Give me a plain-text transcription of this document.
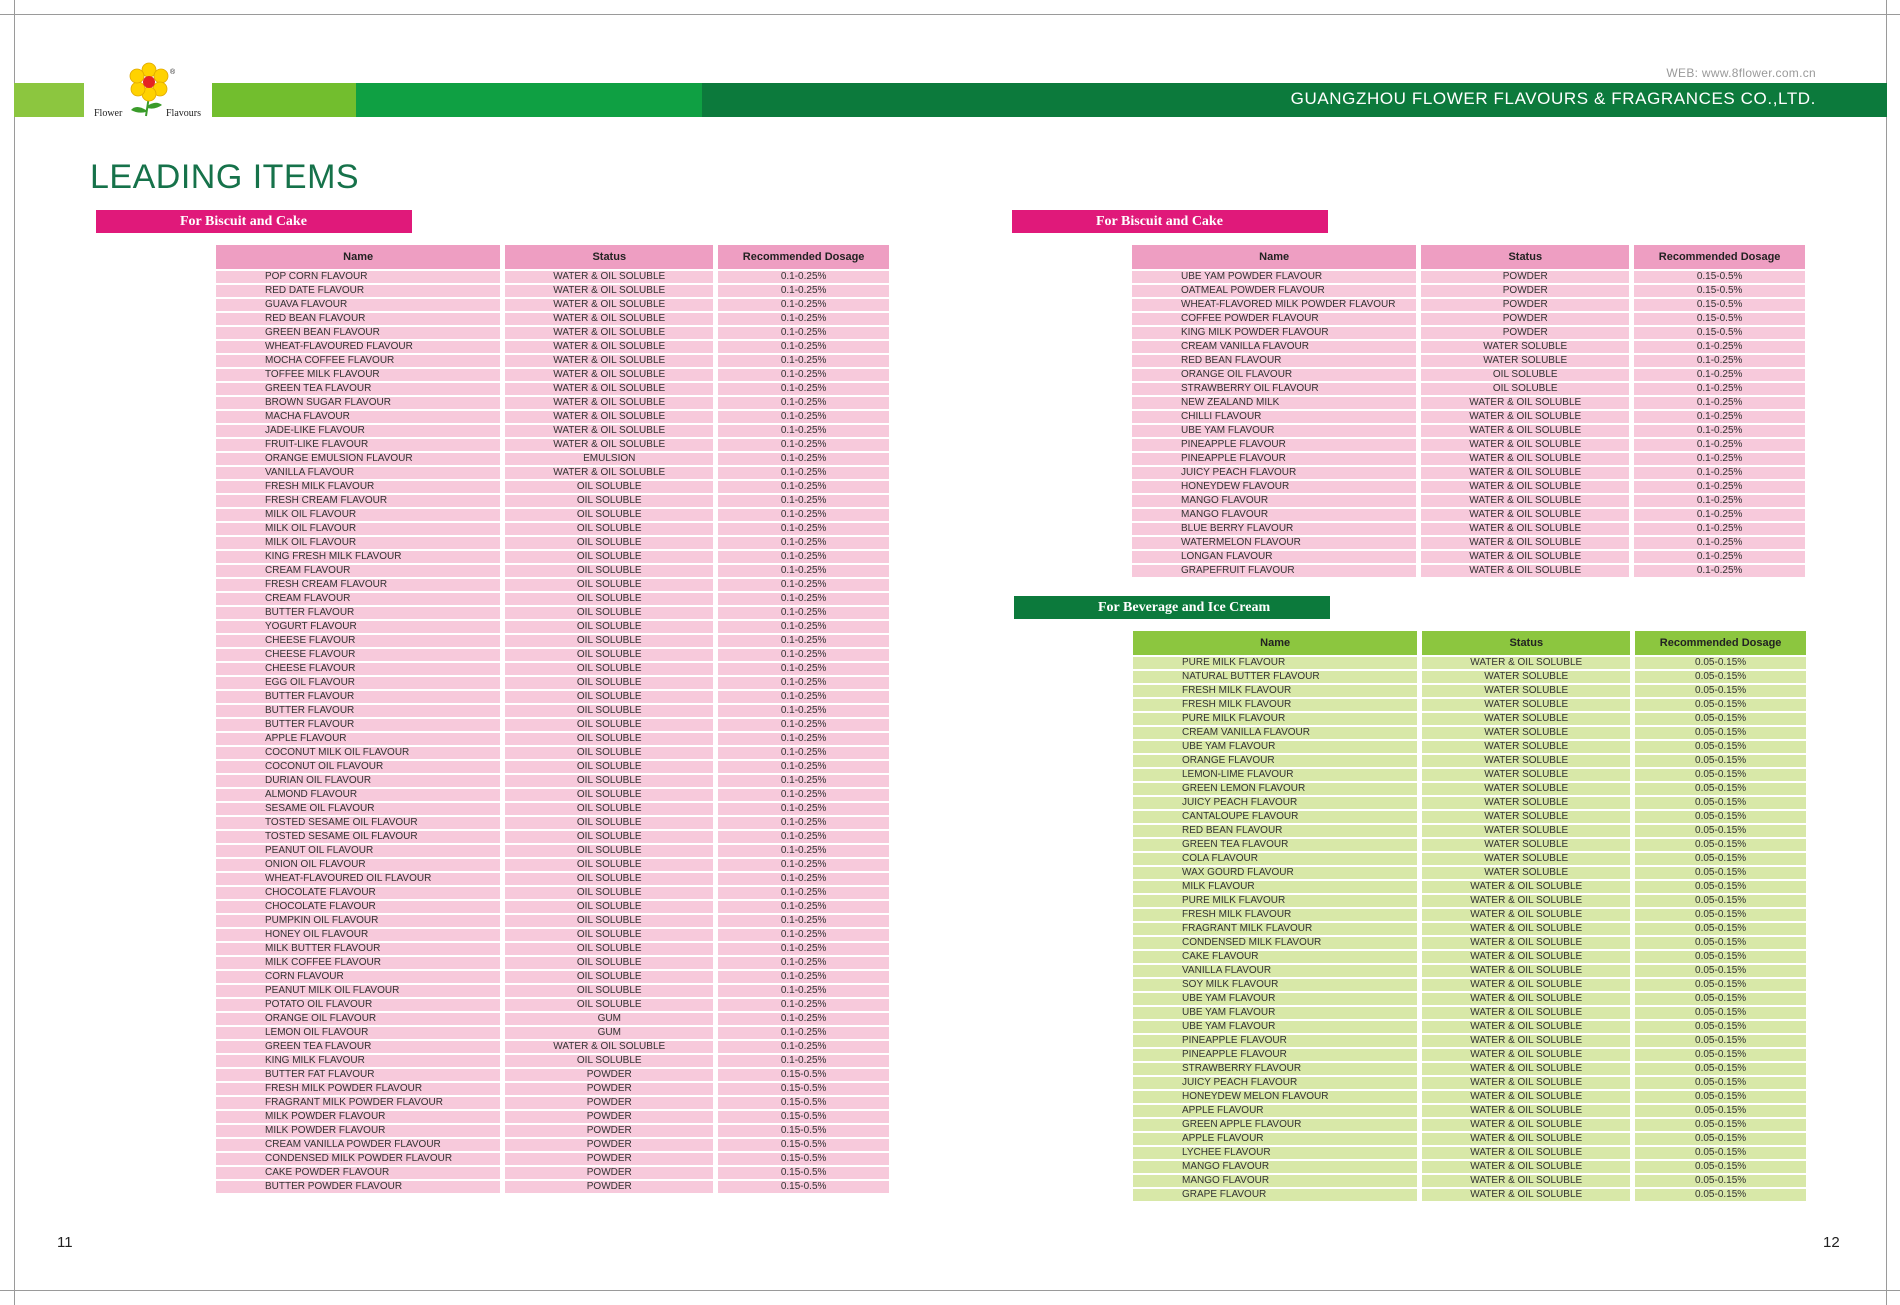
®
Flower	Flavours
WEB: www.8flower.com.cn
GUANGZHOU FLOWER FLAVOURS & FRAGRANCES CO.,LTD.
LEADING ITEMS
For Biscuit and Cake	For Biscuit and Cake
For Beverage and Ice Cream
Name	Status	Recommended Dosage
POP CORN FLAVOUR	WATER & OIL SOLUBLE	0.1-0.25%
RED DATE FLAVOUR	WATER & OIL SOLUBLE	0.1-0.25%
GUAVA FLAVOUR	WATER & OIL SOLUBLE	0.1-0.25%
RED BEAN FLAVOUR	WATER & OIL SOLUBLE	0.1-0.25%
GREEN BEAN FLAVOUR	WATER & OIL SOLUBLE	0.1-0.25%
WHEAT-FLAVOURED FLAVOUR	WATER & OIL SOLUBLE	0.1-0.25%
MOCHA COFFEE FLAVOUR	WATER & OIL SOLUBLE	0.1-0.25%
TOFFEE MILK FLAVOUR	WATER & OIL SOLUBLE	0.1-0.25%
GREEN TEA FLAVOUR	WATER & OIL SOLUBLE	0.1-0.25%
BROWN SUGAR FLAVOUR	WATER & OIL SOLUBLE	0.1-0.25%
MACHA FLAVOUR	WATER & OIL SOLUBLE	0.1-0.25%
JADE-LIKE FLAVOUR	WATER & OIL SOLUBLE	0.1-0.25%
FRUIT-LIKE FLAVOUR	WATER & OIL SOLUBLE	0.1-0.25%
ORANGE EMULSION FLAVOUR	EMULSION	0.1-0.25%
VANILLA FLAVOUR	WATER & OIL SOLUBLE	0.1-0.25%
FRESH MILK FLAVOUR	OIL SOLUBLE	0.1-0.25%
FRESH CREAM FLAVOUR	OIL SOLUBLE	0.1-0.25%
MILK OIL FLAVOUR	OIL SOLUBLE	0.1-0.25%
MILK OIL FLAVOUR	OIL SOLUBLE	0.1-0.25%
MILK OIL FLAVOUR	OIL SOLUBLE	0.1-0.25%
KING FRESH MILK FLAVOUR	OIL SOLUBLE	0.1-0.25%
CREAM FLAVOUR	OIL SOLUBLE	0.1-0.25%
FRESH CREAM FLAVOUR	OIL SOLUBLE	0.1-0.25%
CREAM FLAVOUR	OIL SOLUBLE	0.1-0.25%
BUTTER FLAVOUR	OIL SOLUBLE	0.1-0.25%
YOGURT FLAVOUR	OIL SOLUBLE	0.1-0.25%
CHEESE FLAVOUR	OIL SOLUBLE	0.1-0.25%
CHEESE FLAVOUR	OIL SOLUBLE	0.1-0.25%
CHEESE FLAVOUR	OIL SOLUBLE	0.1-0.25%
EGG OIL FLAVOUR	OIL SOLUBLE	0.1-0.25%
BUTTER FLAVOUR	OIL SOLUBLE	0.1-0.25%
BUTTER FLAVOUR	OIL SOLUBLE	0.1-0.25%
BUTTER FLAVOUR	OIL SOLUBLE	0.1-0.25%
APPLE FLAVOUR	OIL SOLUBLE	0.1-0.25%
COCONUT MILK OIL FLAVOUR	OIL SOLUBLE	0.1-0.25%
COCONUT OIL FLAVOUR	OIL SOLUBLE	0.1-0.25%
DURIAN OIL FLAVOUR	OIL SOLUBLE	0.1-0.25%
ALMOND FLAVOUR	OIL SOLUBLE	0.1-0.25%
SESAME OIL FLAVOUR	OIL SOLUBLE	0.1-0.25%
TOSTED SESAME OIL FLAVOUR	OIL SOLUBLE	0.1-0.25%
TOSTED SESAME OIL FLAVOUR	OIL SOLUBLE	0.1-0.25%
PEANUT OIL FLAVOUR	OIL SOLUBLE	0.1-0.25%
ONION OIL FLAVOUR	OIL SOLUBLE	0.1-0.25%
WHEAT-FLAVOURED OIL FLAVOUR	OIL SOLUBLE	0.1-0.25%
CHOCOLATE FLAVOUR	OIL SOLUBLE	0.1-0.25%
CHOCOLATE FLAVOUR	OIL SOLUBLE	0.1-0.25%
PUMPKIN OIL FLAVOUR	OIL SOLUBLE	0.1-0.25%
HONEY OIL FLAVOUR	OIL SOLUBLE	0.1-0.25%
MILK BUTTER FLAVOUR	OIL SOLUBLE	0.1-0.25%
MILK COFFEE FLAVOUR	OIL SOLUBLE	0.1-0.25%
CORN FLAVOUR	OIL SOLUBLE	0.1-0.25%
PEANUT MILK OIL FLAVOUR	OIL SOLUBLE	0.1-0.25%
POTATO OIL FLAVOUR	OIL SOLUBLE	0.1-0.25%
ORANGE OIL FLAVOUR	GUM	0.1-0.25%
LEMON OIL FLAVOUR	GUM	0.1-0.25%
GREEN TEA FLAVOUR	WATER & OIL SOLUBLE	0.1-0.25%
KING MILK FLAVOUR	OIL SOLUBLE	0.1-0.25%
BUTTER FAT FLAVOUR	POWDER	0.15-0.5%
FRESH MILK POWDER FLAVOUR	POWDER	0.15-0.5%
FRAGRANT MILK POWDER FLAVOUR	POWDER	0.15-0.5%
MILK POWDER FLAVOUR	POWDER	0.15-0.5%
MILK POWDER FLAVOUR	POWDER	0.15-0.5%
CREAM VANILLA POWDER FLAVOUR	POWDER	0.15-0.5%
CONDENSED MILK POWDER FLAVOUR	POWDER	0.15-0.5%
CAKE POWDER FLAVOUR	POWDER	0.15-0.5%
BUTTER POWDER FLAVOUR	POWDER	0.15-0.5%
Name	Status	Recommended Dosage
UBE YAM POWDER FLAVOUR	POWDER	0.15-0.5%
OATMEAL POWDER FLAVOUR	POWDER	0.15-0.5%
WHEAT-FLAVORED MILK POWDER FLAVOUR	POWDER	0.15-0.5%
COFFEE POWDER FLAVOUR	POWDER	0.15-0.5%
KING MILK POWDER FLAVOUR	POWDER	0.15-0.5%
CREAM VANILLA FLAVOUR	WATER SOLUBLE	0.1-0.25%
RED BEAN FLAVOUR	WATER SOLUBLE	0.1-0.25%
ORANGE OIL FLAVOUR	OIL SOLUBLE	0.1-0.25%
STRAWBERRY OIL FLAVOUR	OIL SOLUBLE	0.1-0.25%
NEW ZEALAND MILK	WATER & OIL SOLUBLE	0.1-0.25%
CHILLI FLAVOUR	WATER & OIL SOLUBLE	0.1-0.25%
UBE YAM FLAVOUR	WATER & OIL SOLUBLE	0.1-0.25%
PINEAPPLE FLAVOUR	WATER & OIL SOLUBLE	0.1-0.25%
PINEAPPLE FLAVOUR	WATER & OIL SOLUBLE	0.1-0.25%
JUICY PEACH FLAVOUR	WATER & OIL SOLUBLE	0.1-0.25%
HONEYDEW FLAVOUR	WATER & OIL SOLUBLE	0.1-0.25%
MANGO FLAVOUR	WATER & OIL SOLUBLE	0.1-0.25%
MANGO FLAVOUR	WATER & OIL SOLUBLE	0.1-0.25%
BLUE BERRY FLAVOUR	WATER & OIL SOLUBLE	0.1-0.25%
WATERMELON FLAVOUR	WATER & OIL SOLUBLE	0.1-0.25%
LONGAN FLAVOUR	WATER & OIL SOLUBLE	0.1-0.25%
GRAPEFRUIT FLAVOUR	WATER & OIL SOLUBLE	0.1-0.25%
Name	Status	Recommended Dosage
PURE MILK FLAVOUR	WATER & OIL SOLUBLE	0.05-0.15%
NATURAL BUTTER FLAVOUR	WATER SOLUBLE	0.05-0.15%
FRESH MILK FLAVOUR	WATER SOLUBLE	0.05-0.15%
FRESH MILK FLAVOUR	WATER SOLUBLE	0.05-0.15%
PURE MILK FLAVOUR	WATER SOLUBLE	0.05-0.15%
CREAM VANILLA FLAVOUR	WATER SOLUBLE	0.05-0.15%
UBE YAM FLAVOUR	WATER SOLUBLE	0.05-0.15%
ORANGE FLAVOUR	WATER SOLUBLE	0.05-0.15%
LEMON-LIME FLAVOUR	WATER SOLUBLE	0.05-0.15%
GREEN LEMON FLAVOUR	WATER SOLUBLE	0.05-0.15%
JUICY PEACH FLAVOUR	WATER SOLUBLE	0.05-0.15%
CANTALOUPE FLAVOUR	WATER SOLUBLE	0.05-0.15%
RED BEAN FLAVOUR	WATER SOLUBLE	0.05-0.15%
GREEN TEA FLAVOUR	WATER SOLUBLE	0.05-0.15%
COLA FLAVOUR	WATER SOLUBLE	0.05-0.15%
WAX GOURD FLAVOUR	WATER SOLUBLE	0.05-0.15%
MILK FLAVOUR	WATER & OIL SOLUBLE	0.05-0.15%
PURE MILK FLAVOUR	WATER & OIL SOLUBLE	0.05-0.15%
FRESH MILK FLAVOUR	WATER & OIL SOLUBLE	0.05-0.15%
FRAGRANT MILK FLAVOUR	WATER & OIL SOLUBLE	0.05-0.15%
CONDENSED MILK FLAVOUR	WATER & OIL SOLUBLE	0.05-0.15%
CAKE FLAVOUR	WATER & OIL SOLUBLE	0.05-0.15%
VANILLA FLAVOUR	WATER & OIL SOLUBLE	0.05-0.15%
SOY MILK FLAVOUR	WATER & OIL SOLUBLE	0.05-0.15%
UBE YAM FLAVOUR	WATER & OIL SOLUBLE	0.05-0.15%
UBE YAM FLAVOUR	WATER & OIL SOLUBLE	0.05-0.15%
UBE YAM FLAVOUR	WATER & OIL SOLUBLE	0.05-0.15%
PINEAPPLE FLAVOUR	WATER & OIL SOLUBLE	0.05-0.15%
PINEAPPLE FLAVOUR	WATER & OIL SOLUBLE	0.05-0.15%
STRAWBERRY FLAVOUR	WATER & OIL SOLUBLE	0.05-0.15%
JUICY PEACH FLAVOUR	WATER & OIL SOLUBLE	0.05-0.15%
HONEYDEW MELON FLAVOUR	WATER & OIL SOLUBLE	0.05-0.15%
APPLE FLAVOUR	WATER & OIL SOLUBLE	0.05-0.15%
GREEN APPLE FLAVOUR	WATER & OIL SOLUBLE	0.05-0.15%
APPLE FLAVOUR	WATER & OIL SOLUBLE	0.05-0.15%
LYCHEE FLAVOUR	WATER & OIL SOLUBLE	0.05-0.15%
MANGO FLAVOUR	WATER & OIL SOLUBLE	0.05-0.15%
MANGO FLAVOUR	WATER & OIL SOLUBLE	0.05-0.15%
GRAPE FLAVOUR	WATER & OIL SOLUBLE	0.05-0.15%
11	12
